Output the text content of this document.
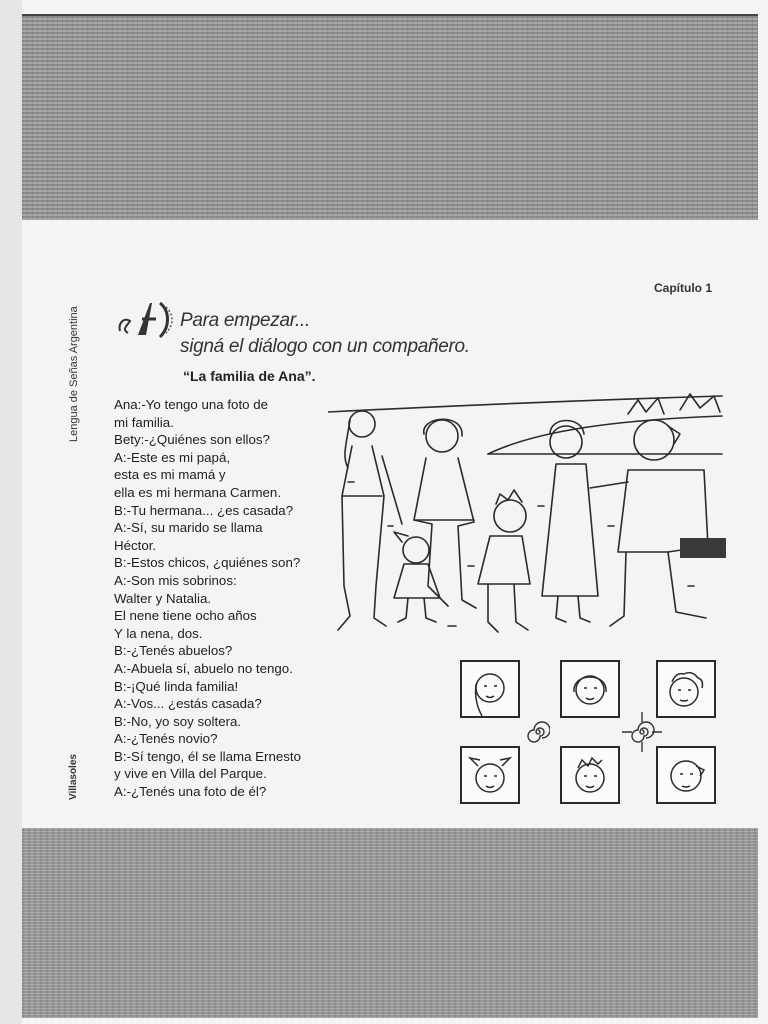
Lengua de Señas Argentina
Villasoles
Capítulo 1
Para empezar...
signá el diálogo con un compañero.
“La familia de Ana”.
Ana:-Yo tengo una foto de
mi familia.
Bety:-¿Quiénes son ellos?
A:-Este es mi papá,
esta es mi mamá y
ella es mi hermana Carmen.
B:-Tu hermana... ¿es casada?
A:-Sí, su marido se llama
Héctor.
B:-Estos chicos, ¿quiénes son?
A:-Son mis sobrinos:
Walter y Natalia.
El nene tiene ocho años
Y la nena, dos.
B:-¿Tenés abuelos?
A:-Abuela sí, abuelo no tengo.
B:-¡Qué linda familia!
A:-Vos... ¿estás casada?
B:-No, yo soy soltera.
A:-¿Tenés novio?
B:-Sí tengo, él se llama Ernesto
y vive en Villa del Parque.
A:-¿Tenés una foto de él?
